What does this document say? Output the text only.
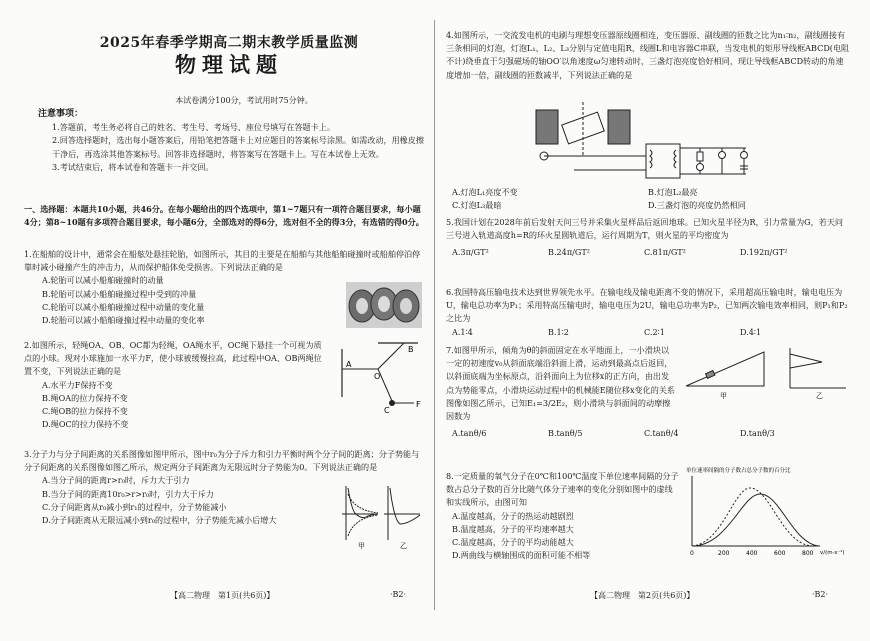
2025年春季学期高二期末教学质量监测
物理试题
本试卷满分100分，考试用时75分钟。
注意事项：
1.答题前，考生务必将自己的姓名、考生号、考场号、座位号填写在答题卡上。
2.回答选择题时，选出每小题答案后，用铅笔把答题卡上对应题目的答案标号涂黑。如需改动，用橡皮擦干净后，再选涂其他答案标号。回答非选择题时，将答案写在答题卡上。写在本试卷上无效。
3.考试结束后，将本试卷和答题卡一并交回。
一、选择题：本题共10小题，共46分。在每小题给出的四个选项中，第1~7题只有一项符合题目要求，每小题4分；第8~10题有多项符合题目要求，每小题6分，全部选对的得6分，选对但不全的得3分，有选错的得0分。
1.在船舶的设计中，通常会在船舷处悬挂轮胎，如图所示，其目的主要是在船舶与其他船舶碰撞时或船舶停泊停靠时减小碰撞产生的冲击力，从而保护船体免受损害。下列说法正确的是
A.轮胎可以减小船舶碰撞时的动量
B.轮胎可以减小船舶碰撞过程中受到的冲量
C.轮胎可以减小船舶碰撞过程中动量的变化量
D.轮胎可以减小船舶碰撞过程中动量的变化率
2.如图所示，轻绳OA、OB、OC都为轻绳，OA绳水平，OC绳下悬挂一个可视为质点的小球。现对小球施加一水平力F，使小球被缓慢拉高，此过程中OA、OB两绳位置不变，下列说法正确的是
A.水平力F保持不变
B.绳OA的拉力保持不变
C.绳OB的拉力保持不变
D.绳OC的拉力保持不变
B
A
O
C
F
3.分子力与分子间距离的关系图像如图甲所示，图中r₀为分子斥力和引力平衡时两个分子间的距离；分子势能与分子间距离的关系图像如图乙所示，规定两分子间距离为无限远时分子势能为0。下列说法正确的是
A.当分子间的距离r>r₀时，斥力大于引力
B.当分子间的距离10r₀>r>r₀时，引力大于斥力
C.分子间距离从r₀减小到r₁的过程中，分子势能减小
D.分子间距离从无限远减小到r₀的过程中，分子势能先减小后增大
甲	乙
4.如图所示，一交流发电机的电刷与理想变压器原线圈相连，变压器原、副线圈的匝数之比为n₁∶n₂，副线圈接有三条相同的灯泡，灯泡L₁、L₂、L₃分别与定值电阻R、线圈L和电容器C串联，当发电机的矩形导线框ABCD(电阻不计)绕垂直于匀强磁场的轴OO′以角速度ω匀速转动时，三盏灯泡亮度恰好相同，现让导线框ABCD转动的角速度增加一倍，副线圈的匝数减半，下列说法正确的是
A.灯泡L₁亮度不变	B.灯泡L₂最亮
C.灯泡L₃最暗	D.三盏灯泡的亮度仍然相同
5.我国计划在2028年前后发射天问三号并采集火星样品后返回地球。已知火星半径为R，引力常量为G，若天问三号进入轨道高度h=R的环火星圆轨道后，运行周期为T，则火星的平均密度为
A.3π/GT²	B.24π/GT²	C.81π/GT²	D.192π/GT²
6.我国特高压输电技术达到世界领先水平。在输电线及输电距离不变的情况下，采用超高压输电时，输电电压为U，输电总功率为P₁；采用特高压输电时，输电电压为2U，输电总功率为P₂，已知两次输电效率相同，则P₁和P₂之比为
A.1∶4	B.1∶2	C.2∶1	D.4∶1
7.如图甲所示，倾角为θ的斜面固定在水平地面上，一小滑块以一定的初速度v₀从斜面底端沿斜面上滑，运动到最高点后返回，以斜面底端为坐标原点，沿斜面向上为位移x的正方向，由出发点为势能零点，小滑块运动过程中的机械能E随位移x变化的关系图像如图乙所示，已知E₁=3/2E₂，则小滑块与斜面间的动摩擦因数为
A.tanθ/6	B.tanθ/5	C.tanθ/4	D.tanθ/3
甲	乙
8.一定质量的氧气分子在0℃和100℃温度下单位速率间隔的分子数占总分子数的百分比随气体分子速率的变化分别如图中的虚线和实线所示，由图可知
A.温度越高，分子的热运动越剧烈
B.温度越高，分子的平均速率越大
C.温度越高，分子的平均动能越大
D.两曲线与横轴围成的面积可能不相等
单位速率间隔的分子数占总分子数的百分比
0	200	400	600	800 v/(m·s⁻¹)
【高二物理　第1页(共6页)】	·B2·	【高二物理　第2页(共6页)】	·B2·
